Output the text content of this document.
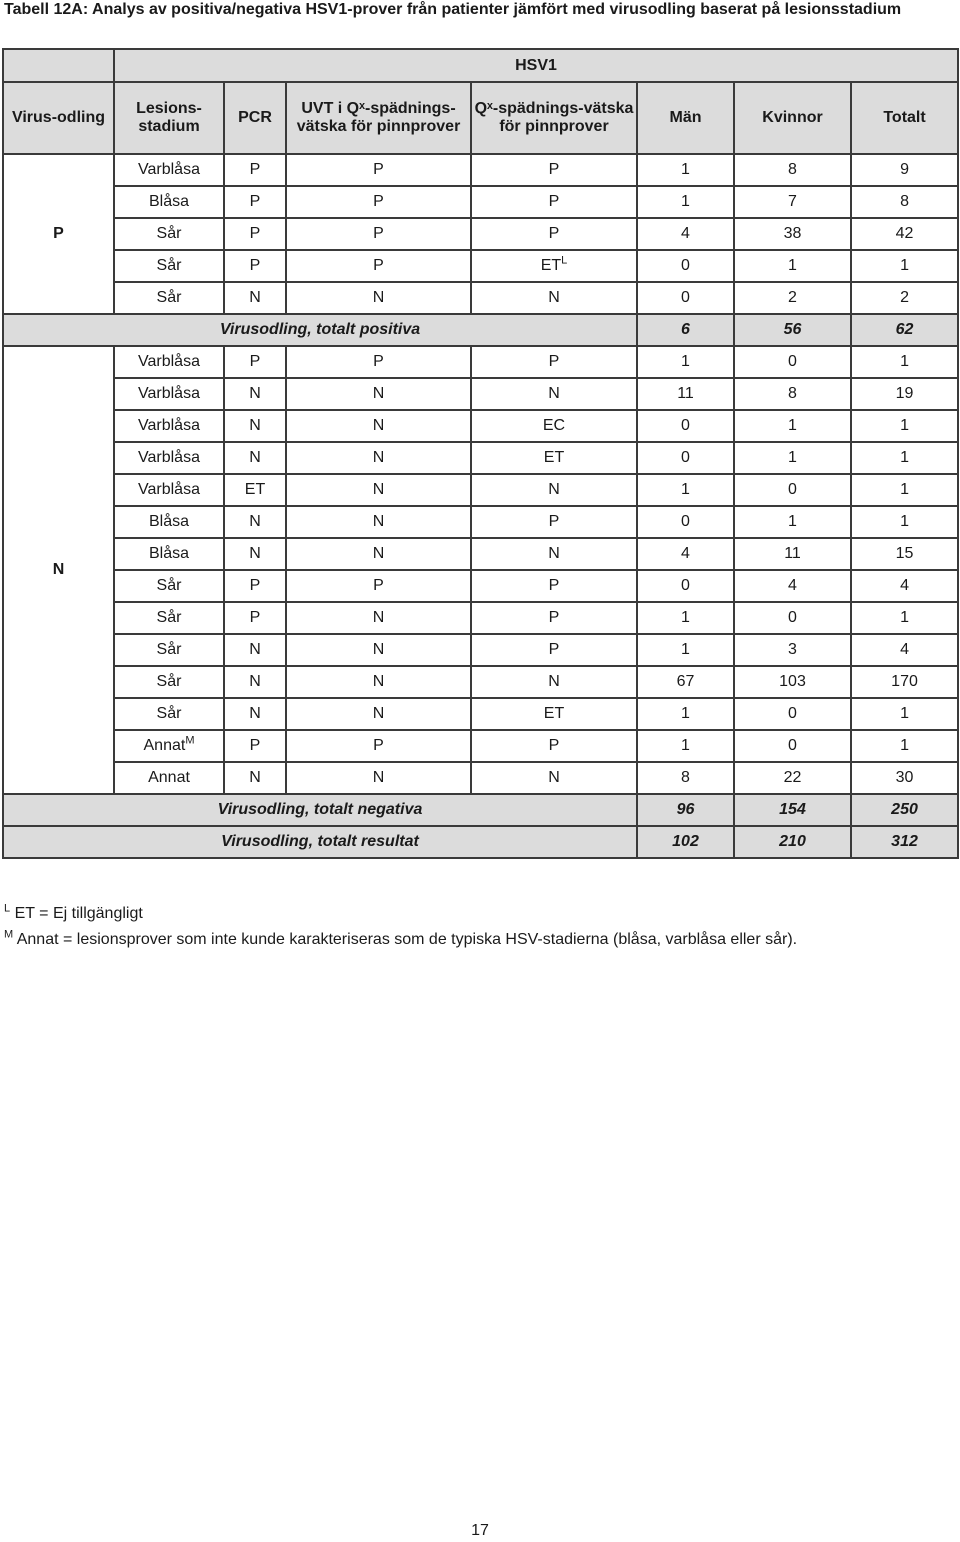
Tabell 12A: Analys av positiva/negativa HSV1-prover från patienter jämfört med virusodling baserat på lesionsstadium
	HSV1						
Virus-odling	Lesions-stadium	PCR	UVT i Qˣ-spädnings-vätska för pinnprover	Qˣ-spädnings-vätska för pinnprover	Män	Kvinnor	Totalt
P	Varblåsa	P	P	P	1	8	9
	Blåsa	P	P	P	1	7	8
	Sår	P	P	P	4	38	42
	Sår	P	P	$ET^L$	0	1	1
	Sår	N	N	N	0	2	2
Virusodling, totalt positiva					6	56	62
N	Varblåsa	P	P	P	1	0	1
	Varblåsa	N	N	N	11	8	19
	Varblåsa	N	N	EC	0	1	1
	Varblåsa	N	N	ET	0	1	1
	Varblåsa	ET	N	N	1	0	1
	Blåsa	N	N	P	0	1	1
	Blåsa	N	N	N	4	11	15
	Sår	P	P	P	0	4	4
	Sår	P	N	P	1	0	1
	Sår	N	N	P	1	3	4
	Sår	N	N	N	67	103	170
	Sår	N	N	ET	1	0	1
	Annat$^M$	P	P	P	1	0	1
	Annat	N	N	N	8	22	30
Virusodling, totalt negativa					96	154	250
Virusodling, totalt resultat					102	210	312
$^L$ ET = Ej tillgängligt
$^M$ Annat = lesionsprover som inte kunde karakteriseras som de typiska HSV-stadierna (blåsa, varblåsa eller sår).
17
